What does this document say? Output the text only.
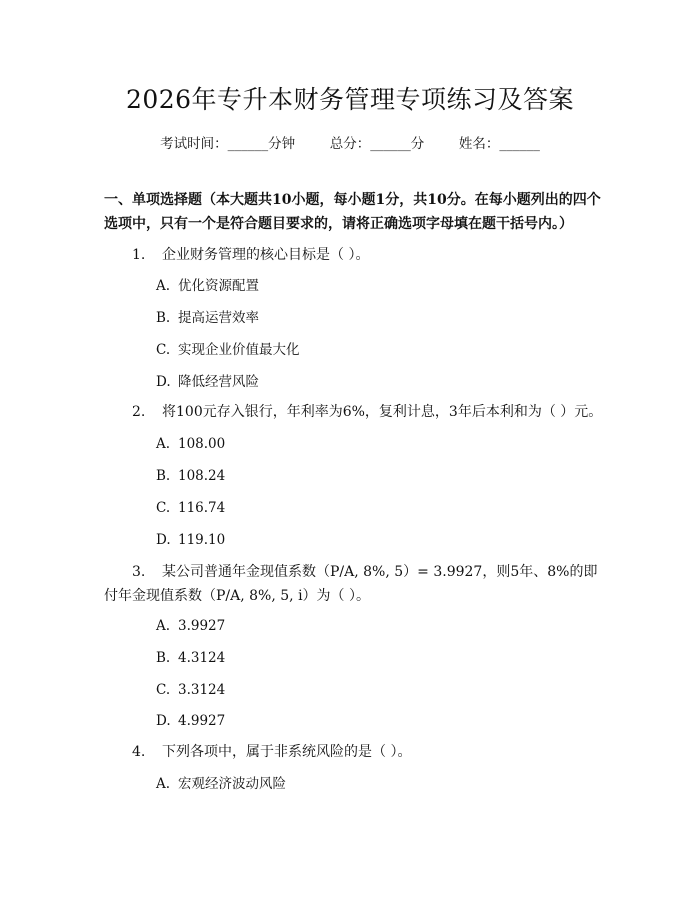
2026年专升本财务管理专项练习及答案
考试时间：______分钟	总分：______分	姓名：______
一、单项选择题（本大题共10小题，每小题1分，共10分。在每小题列出的四个选项中，只有一个是符合题目要求的，请将正确选项字母填在题干括号内。）
1. 企业财务管理的核心目标是（ ）。
A. 优化资源配置
B. 提高运营效率
C. 实现企业价值最大化
D. 降低经营风险
2. 将100元存入银行，年利率为6%，复利计息，3年后本利和为（ ）元。
A. 108.00
B. 108.24
C. 116.74
D. 119.10
3. 某公司普通年金现值系数（P/A, 8%, 5）= 3.9927，则5年、8%的即付年金现值系数（P/A, 8%, 5, i）为（ ）。
A. 3.9927
B. 4.3124
C. 3.3124
D. 4.9927
4. 下列各项中，属于非系统风险的是（ ）。
A. 宏观经济波动风险
